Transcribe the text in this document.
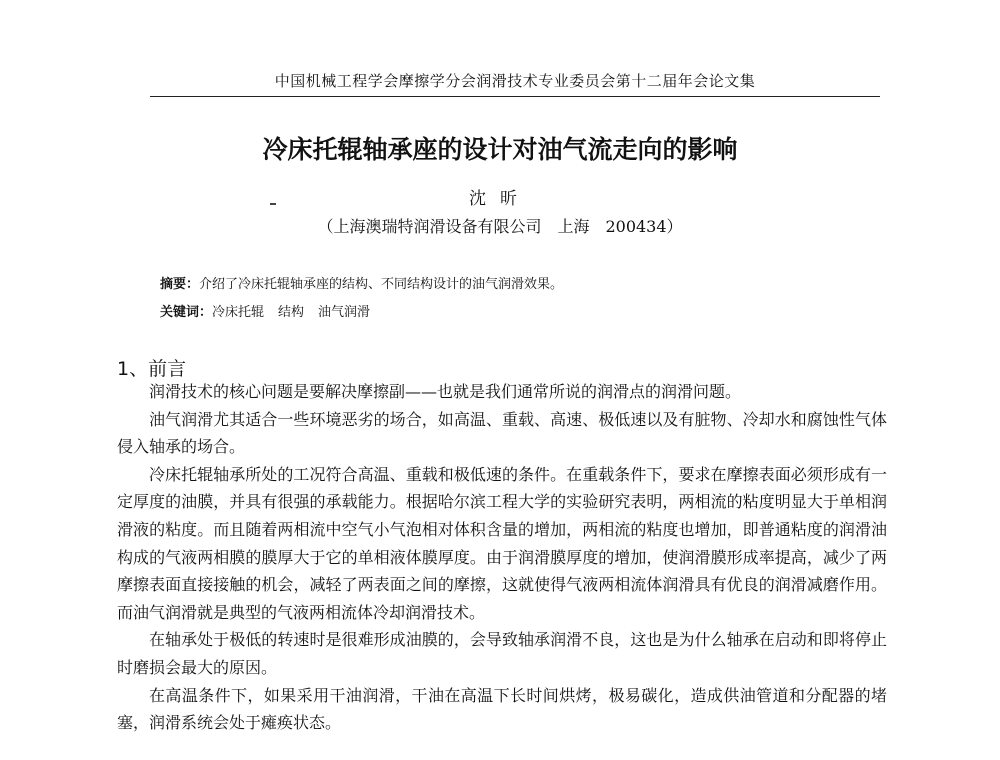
中国机械工程学会摩擦学分会润滑技术专业委员会第十二届年会论文集
冷床托辊轴承座的设计对油气流走向的影响
沈昕
（上海澳瑞特润滑设备有限公司　上海　200434）
摘要：介绍了冷床托辊轴承座的结构、不同结构设计的油气润滑效果。
关键词：冷床托辊 结构 油气润滑
1、前言

润滑技术的核心问题是要解决摩擦副——也就是我们通常所说的润滑点的润滑问题。

油气润滑尤其适合一些环境恶劣的场合，如高温、重载、高速、极低速以及有脏物、冷却水和腐蚀性气体侵入轴承的场合。

冷床托辊轴承所处的工况符合高温、重载和极低速的条件。在重载条件下，要求在摩擦表面必须形成有一定厚度的油膜，并具有很强的承载能力。根据哈尔滨工程大学的实验研究表明，两相流的粘度明显大于单相润滑液的粘度。而且随着两相流中空气小气泡相对体积含量的增加，两相流的粘度也增加，即普通粘度的润滑油构成的气液两相膜的膜厚大于它的单相液体膜厚度。由于润滑膜厚度的增加，使润滑膜形成率提高，减少了两摩擦表面直接接触的机会，减轻了两表面之间的摩擦，这就使得气液两相流体润滑具有优良的润滑减磨作用。而油气润滑就是典型的气液两相流体冷却润滑技术。

在轴承处于极低的转速时是很难形成油膜的，会导致轴承润滑不良，这也是为什么轴承在启动和即将停止时磨损会最大的原因。

在高温条件下，如果采用干油润滑，干油在高温下长时间烘烤，极易碳化，造成供油管道和分配器的堵塞，润滑系统会处于瘫痪状态。
